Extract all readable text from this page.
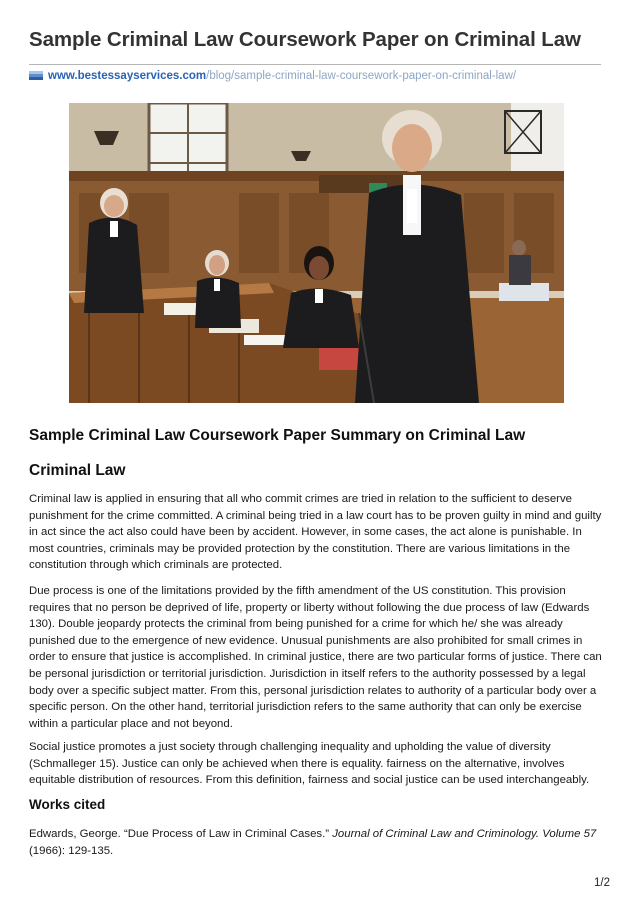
Sample Criminal Law Coursework Paper on Criminal Law
www.bestessayservices.com/blog/sample-criminal-law-coursework-paper-on-criminal-law/
Sample Criminal Law Coursework Paper Summary on Criminal Law
Criminal Law
Criminal law is applied in ensuring that all who commit crimes are tried in relation to the sufficient to deserve punishment for the crime committed. A criminal being tried in a law court has to be proven guilty in mind and guilty in act since the act also could have been by accident. However, in some cases, the act alone is punishable. In most countries, criminals may be provided protection by the constitution. There are various limitations in the constitution through which criminals are protected.
Due process is one of the limitations provided by the fifth amendment of the US constitution. This provision requires that no person be deprived of life, property or liberty without following the due process of law (Edwards 130). Double jeopardy protects the criminal from being punished for a crime for which he/ she was already punished due to the emergence of new evidence. Unusual punishments are also prohibited for small crimes in order to ensure that justice is accomplished. In criminal justice, there are two particular forms of justice. There can be personal jurisdiction or territorial jurisdiction. Jurisdiction in itself refers to the authority possessed by a legal body over a specific subject matter. From this, personal jurisdiction relates to authority of a particular body over a specific person. On the other hand, territorial jurisdiction refers to the same authority that can only be exercise within a particular place and not beyond.
Social justice promotes a just society through challenging inequality and upholding the value of diversity (Schmalleger 15). Justice can only be achieved when there is equality. fairness on the alternative, involves equitable distribution of resources. From this definition, fairness and social justice can be used interchangeably.
Works cited
Edwards, George. “Due Process of Law in Criminal Cases.” Journal of Criminal Law and Criminology. Volume 57 (1966): 129-135.
1/2
